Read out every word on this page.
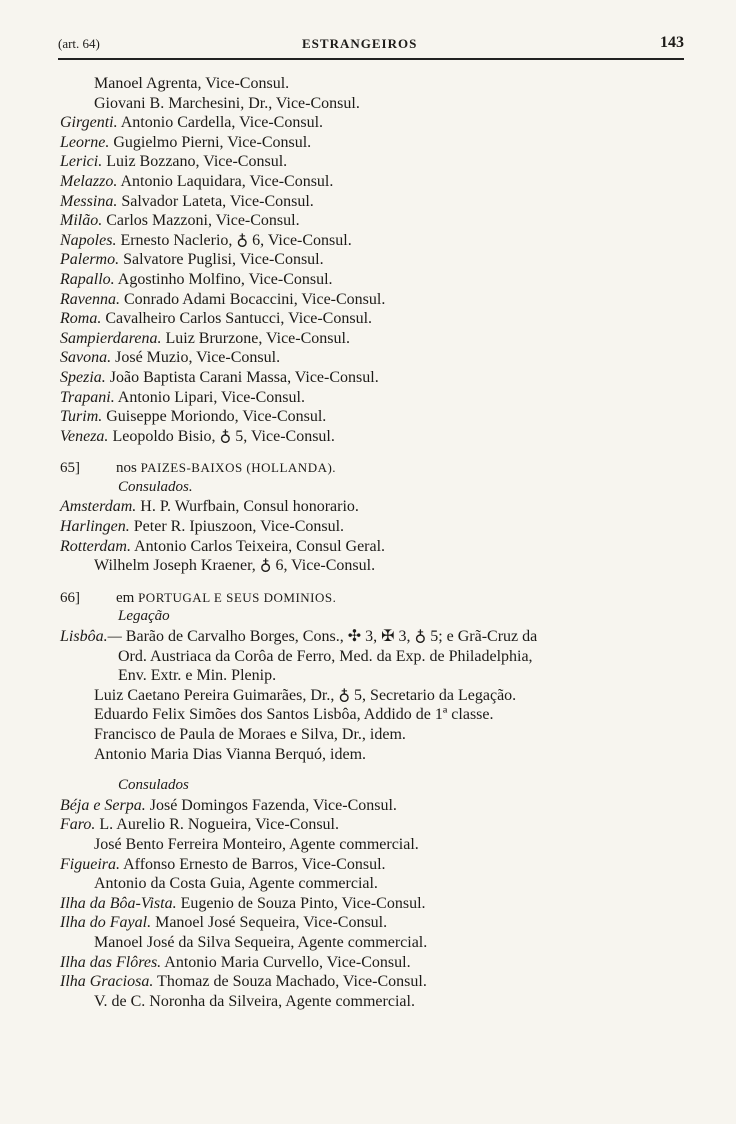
(art. 64)	ESTRANGEIROS	143
Manoel Agrenta, Vice-Consul.
Giovani B. Marchesini, Dr., Vice-Consul.
Girgenti. Antonio Cardella, Vice-Consul.
Leorne. Gugielmo Pierni, Vice-Consul.
Lerici. Luiz Bozzano, Vice-Consul.
Melazzo. Antonio Laquidara, Vice-Consul.
Messina. Salvador Lateta, Vice-Consul.
Milão. Carlos Mazzoni, Vice-Consul.
Napoles. Ernesto Naclerio, ♁ 6, Vice-Consul.
Palermo. Salvatore Puglisi, Vice-Consul.
Rapallo. Agostinho Molfino, Vice-Consul.
Ravenna. Conrado Adami Bocaccini, Vice-Consul.
Roma. Cavalheiro Carlos Santucci, Vice-Consul.
Sampierdarena. Luiz Brurzone, Vice-Consul.
Savona. José Muzio, Vice-Consul.
Spezia. João Baptista Carani Massa, Vice-Consul.
Trapani. Antonio Lipari, Vice-Consul.
Turim. Guiseppe Moriondo, Vice-Consul.
Veneza. Leopoldo Bisio, ♁ 5, Vice-Consul.
65] nos PAIZES-BAIXOS (HOLLANDA).
Consulados.
Amsterdam. H. P. Wurfbain, Consul honorario.
Harlingen. Peter R. Ipiuszoon, Vice-Consul.
Rotterdam. Antonio Carlos Teixeira, Consul Geral.
Wilhelm Joseph Kraener, ♁ 6, Vice-Consul.
66] em PORTUGAL E SEUS DOMINIOS.
Legação
Lisbôa.— Barão de Carvalho Borges, Cons., ✣ 3, ✠ 3, ♁ 5; e Grã-Cruz da
Ord. Austriaca da Corôa de Ferro, Med. da Exp. de Philadelphia,
Env. Extr. e Min. Plenip.
Luiz Caetano Pereira Guimarães, Dr., ♁ 5, Secretario da Legação.
Eduardo Felix Simões dos Santos Lisbôa, Addido de 1ª classe.
Francisco de Paula de Moraes e Silva, Dr., idem.
Antonio Maria Dias Vianna Berquó, idem.
Consulados
Béja e Serpa. José Domingos Fazenda, Vice-Consul.
Faro. L. Aurelio R. Nogueira, Vice-Consul.
José Bento Ferreira Monteiro, Agente commercial.
Figueira. Affonso Ernesto de Barros, Vice-Consul.
Antonio da Costa Guia, Agente commercial.
Ilha da Bôa-Vista. Eugenio de Souza Pinto, Vice-Consul.
Ilha do Fayal. Manoel José Sequeira, Vice-Consul.
Manoel José da Silva Sequeira, Agente commercial.
Ilha das Flôres. Antonio Maria Curvello, Vice-Consul.
Ilha Graciosa. Thomaz de Souza Machado, Vice-Consul.
V. de C. Noronha da Silveira, Agente commercial.
